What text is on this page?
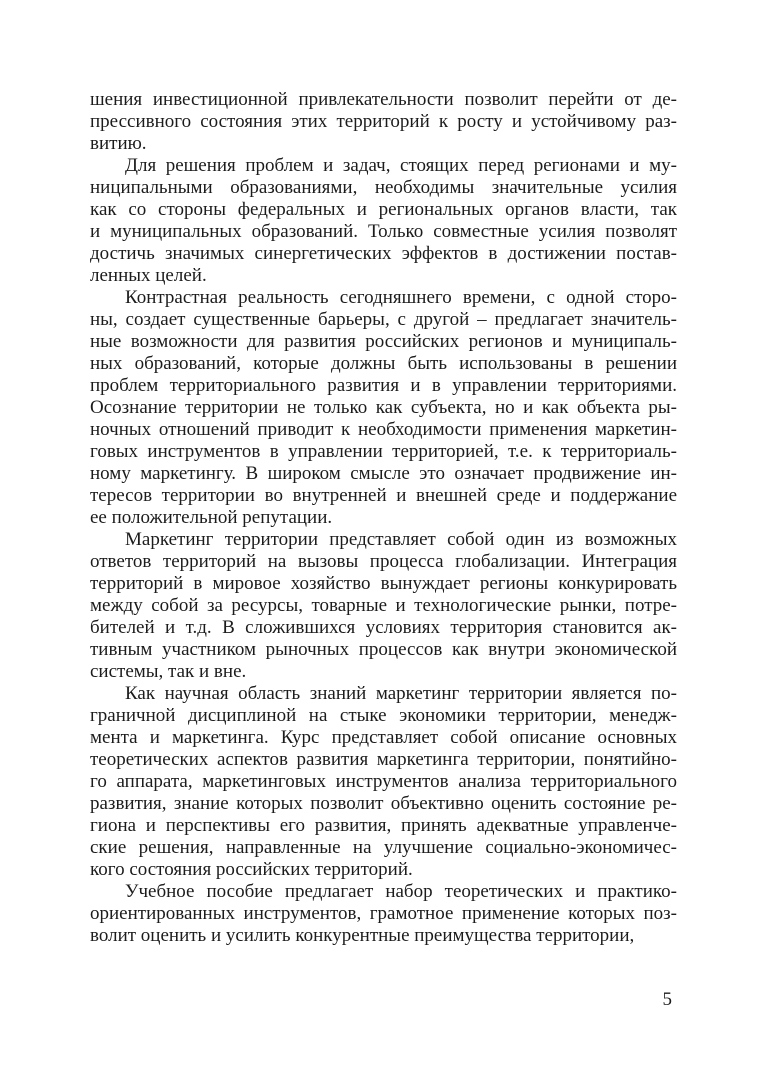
шения инвестиционной привлекательности позволит перейти от де-
прессивного состояния этих территорий к росту и устойчивому раз-
витию.

Для решения проблем и задач, стоящих перед регионами и му-
ниципальными образованиями, необходимы значительные усилия
как со стороны федеральных и региональных органов власти, так
и муниципальных образований. Только совместные усилия позволят
достичь значимых синергетических эффектов в достижении постав-
ленных целей.

Контрастная реальность сегодняшнего времени, с одной сторо-
ны, создает существенные барьеры, с другой – предлагает значитель-
ные возможности для развития российских регионов и муниципаль-
ных образований, которые должны быть использованы в решении
проблем территориального развития и в управлении территориями.
Осознание территории не только как субъекта, но и как объекта ры-
ночных отношений приводит к необходимости применения маркетин-
говых инструментов в управлении территорией, т.е. к территориаль-
ному маркетингу. В широком смысле это означает продвижение ин-
тересов территории во внутренней и внешней среде и поддержание
ее положительной репутации.

Маркетинг территории представляет собой один из возможных
ответов территорий на вызовы процесса глобализации. Интеграция
территорий в мировое хозяйство вынуждает регионы конкурировать
между собой за ресурсы, товарные и технологические рынки, потре-
бителей и т.д. В сложившихся условиях территория становится ак-
тивным участником рыночных процессов как внутри экономической
системы, так и вне.

Как научная область знаний маркетинг территории является по-
граничной дисциплиной на стыке экономики территории, менедж-
мента и маркетинга. Курс представляет собой описание основных
теоретических аспектов развития маркетинга территории, понятийно-
го аппарата, маркетинговых инструментов анализа территориального
развития, знание которых позволит объективно оценить состояние ре-
гиона и перспективы его развития, принять адекватные управленче-
ские решения, направленные на улучшение социально-экономичес-
кого состояния российских территорий.

Учебное пособие предлагает набор теоретических и практико-
ориентированных инструментов, грамотное применение которых поз-
волит оценить и усилить конкурентные преимущества территории,

5
